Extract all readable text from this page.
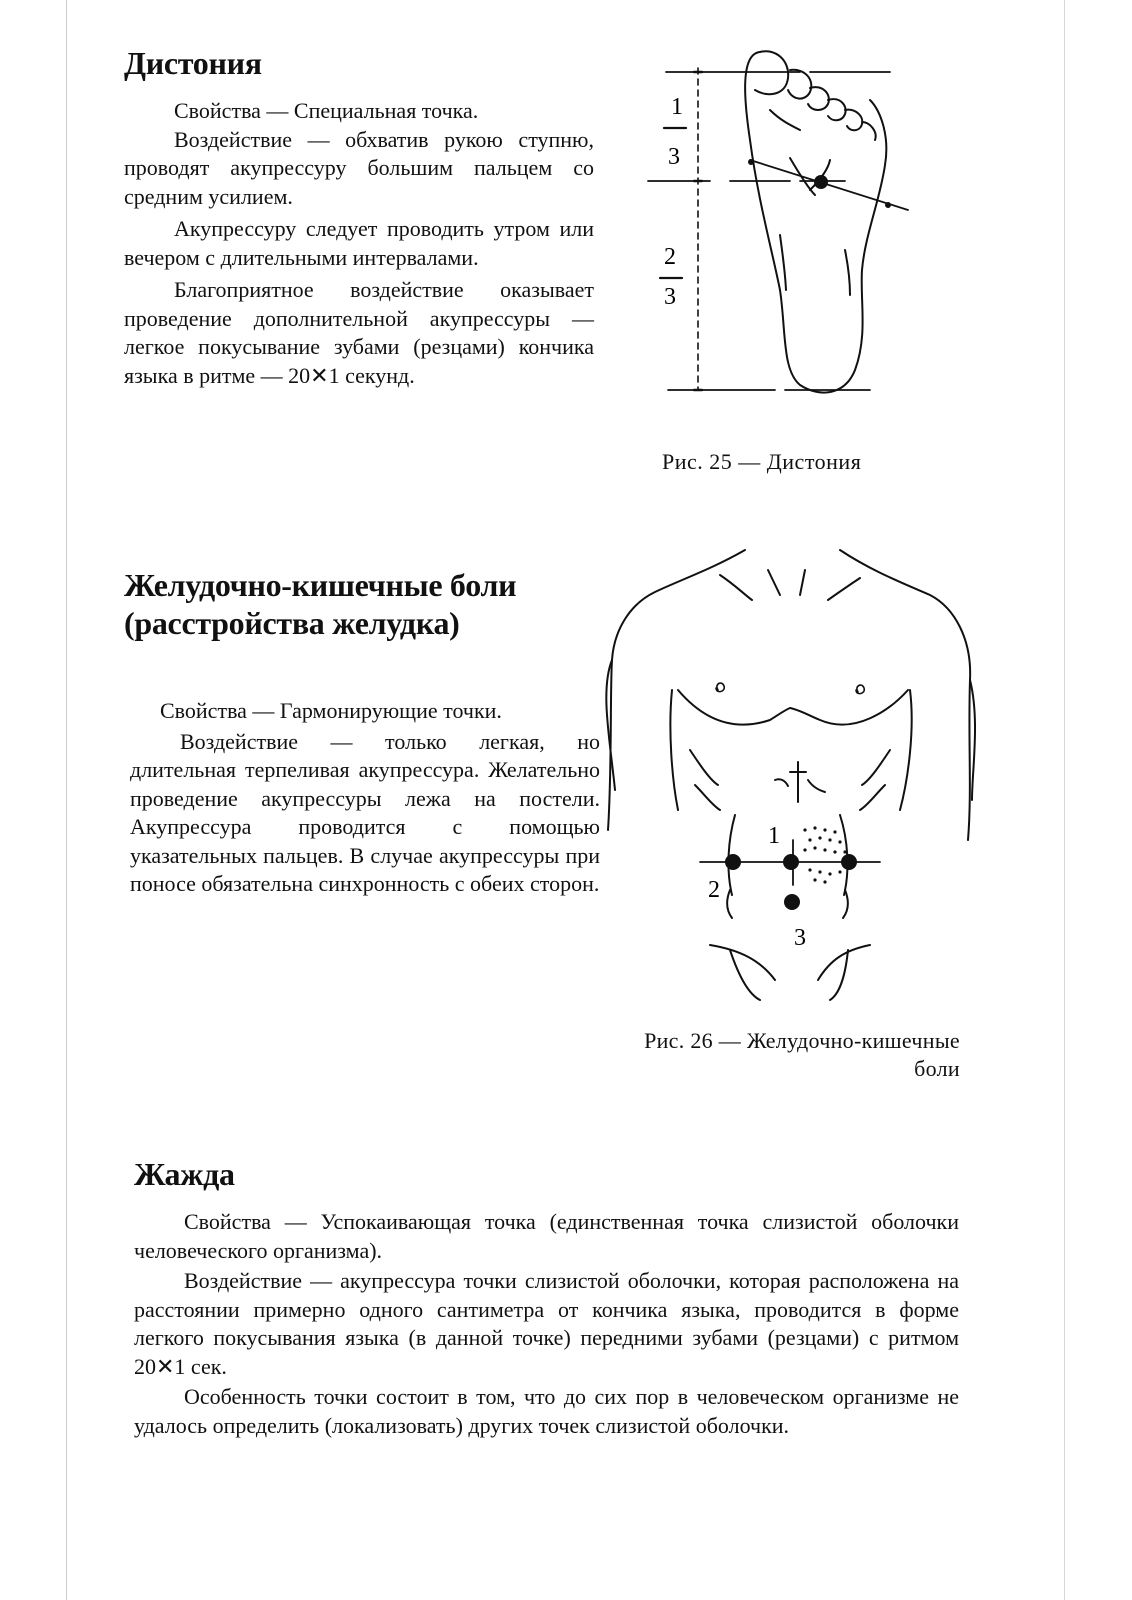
Дистония

Свойства — Специальная точка.

Воздействие — обхватив рукою ступню, проводят акупрессуру большим пальцем со средним усилием.

Акупрессуру следует проводить утром или вечером с длительными интервалами.

Благоприятное воздействие оказывает проведение дополнительной акупрессуры — легкое покусывание зубами (резцами) кончика языка в ритме — 20✕1 секунд.

1
3
2
3
Рис. 25 — Дистония
Желудочно-кишечные боли (расстройства желудка)

Свойства — Гармонирующие точки.

Воздействие — только легкая, но длительная терпеливая акупрессура. Желательно проведение акупрессуры лежа на постели. Акупрессура проводится с помощью указательных пальцев. В случае акупрессуры при поносе обязательна синхронность с обеих сторон.

1
2
3
Рис. 26 — Желудочно-кишечные
боли
Жажда

Свойства — Успокаивающая точка (единственная точка слизистой оболочки человеческого организма).

Воздействие — акупрессура точки слизистой оболочки, которая расположена на расстоянии примерно одного сантиметра от кончика языка, проводится в форме легкого покусывания языка (в данной точке) передними зубами (резцами) с ритмом 20✕1 сек.

Особенность точки состоит в том, что до сих пор в человеческом организме не удалось определить (локализовать) других точек слизистой оболочки.
